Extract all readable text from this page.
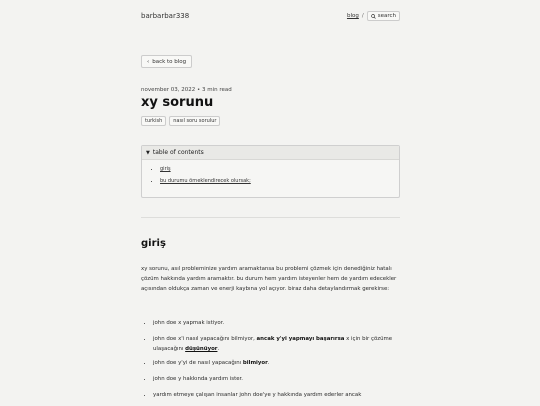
barbarbar338	blog /	search
‹ back to blog
november 03, 2022 • 3 min read
xy sorunu
turkish	nasıl soru sorulur
▼ table of contents
• giriş
• bu durumu örneklendirecek olursak;
giriş

xy sorunu, asıl probleminize yardım aramaktansa bu problemi çözmek için denediğiniz hatalı çözüm hakkında yardım aramaktır. bu durum hem yardım isteyenler hem de yardım edecekler açısından oldukça zaman ve enerji kaybına yol açıyor. biraz daha detaylandırmak gerekirse:

• john doe x yapmak istiyor.
• john doe x'i nasıl yapacağını bilmiyor, ancak y'yi yapmayı başarırsa x için bir çözüme ulaşacağını düşünüyor.
• john doe y'yi de nasıl yapacağını bilmiyor.
• john doe y hakkında yardım ister.
• yardım etmeye çalışan insanlar john doe'ye y hakkında yardım ederler ancak
